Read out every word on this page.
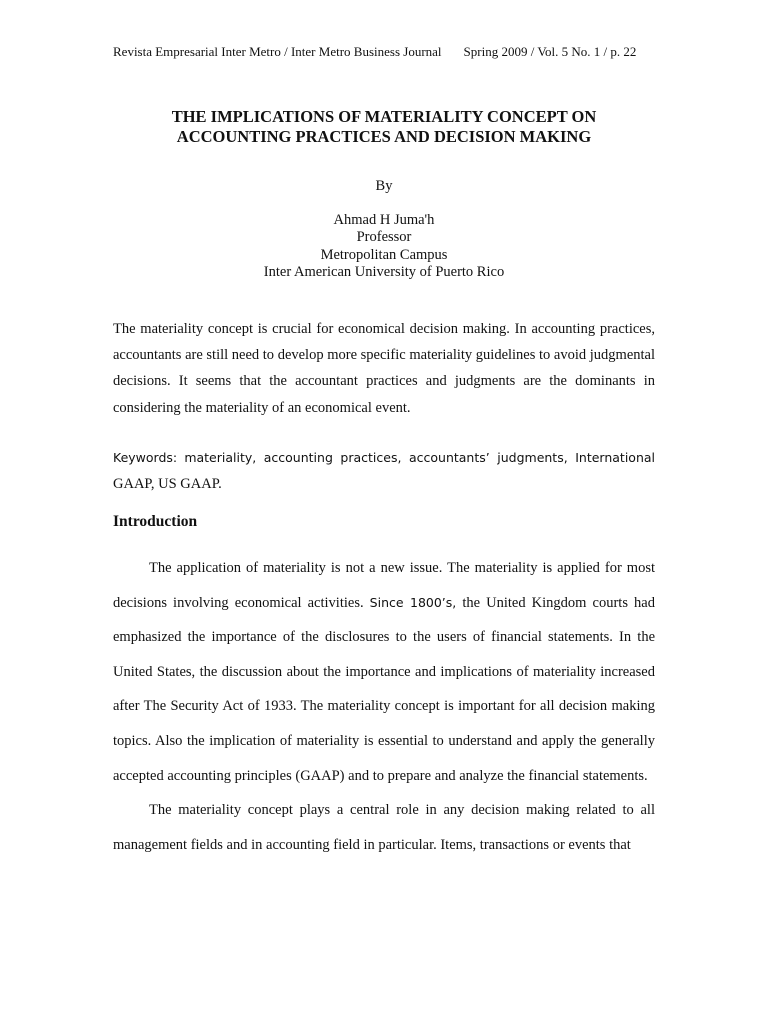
Revista Empresarial Inter Metro / Inter Metro Business Journal Spring 2009 / Vol. 5 No. 1 / p. 22
THE IMPLICATIONS OF MATERIALITY CONCEPT ON
ACCOUNTING PRACTICES AND DECISION MAKING
By
Ahmad H Juma'h
Professor
Metropolitan Campus
Inter American University of Puerto Rico
The materiality concept is crucial for economical decision making. In accounting practices, accountants are still need to develop more specific materiality guidelines to avoid judgmental decisions. It seems that the accountant practices and judgments are the dominants in considering the materiality of an economical event.
Keywords: materiality, accounting practices, accountants’ judgments, International GAAP, US GAAP.
Introduction

The application of materiality is not a new issue. The materiality is applied for most decisions involving economical activities. Since 1800’s, the United Kingdom courts had emphasized the importance of the disclosures to the users of financial statements. In the United States, the discussion about the importance and implications of materiality increased after The Security Act of 1933. The materiality concept is important for all decision making topics. Also the implication of materiality is essential to understand and apply the generally accepted accounting principles (GAAP) and to prepare and analyze the financial statements.

The materiality concept plays a central role in any decision making related to all management fields and in accounting field in particular. Items, transactions or events that
